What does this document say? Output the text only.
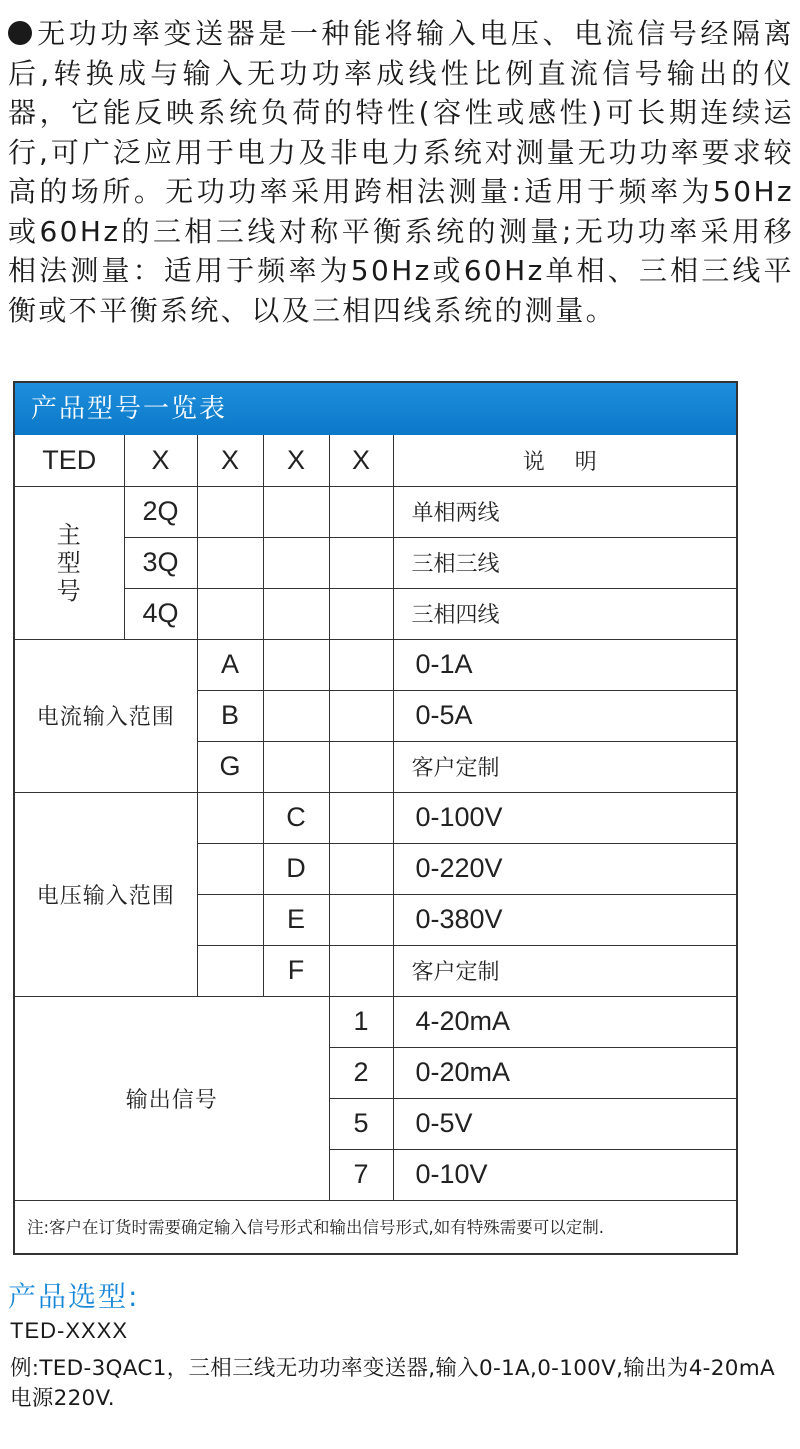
无功功率变送器是一种能将输入电压、电流信号经隔离后,转换成与输入无功功率成线性比例直流信号输出的仪器，它能反映系统负荷的特性(容性或感性)可长期连续运行,可广泛应用于电力及非电力系统对测量无功功率要求较高的场所。无功功率采用跨相法测量:适用于频率为50Hz或60Hz的三相三线对称平衡系统的测量;无功功率采用移相法测量：适用于频率为50Hz或60Hz单相、三相三线平衡或不平衡系统、以及三相四线系统的测量。
产品型号一览表
TED	X	X	X	X	说明
主型号	2Q				单相两线
	3Q				三相三线
	4Q				三相四线
电流输入范围		A			0-1A
		B			0-5A
		G			客户定制
电压输入范围			C		0-100V
			D		0-220V
			E		0-380V
			F		客户定制
输出信号				1	4-20mA
				2	0-20mA
				5	0-5V
				7	0-10V
注:客户在订货时需要确定输入信号形式和输出信号形式,如有特殊需要可以定制.					
产品选型:
TED-XXXX
例:TED-3QAC1，三相三线无功功率变送器,输入0-1A,0-100V,输出为4-20mA电源220V.
